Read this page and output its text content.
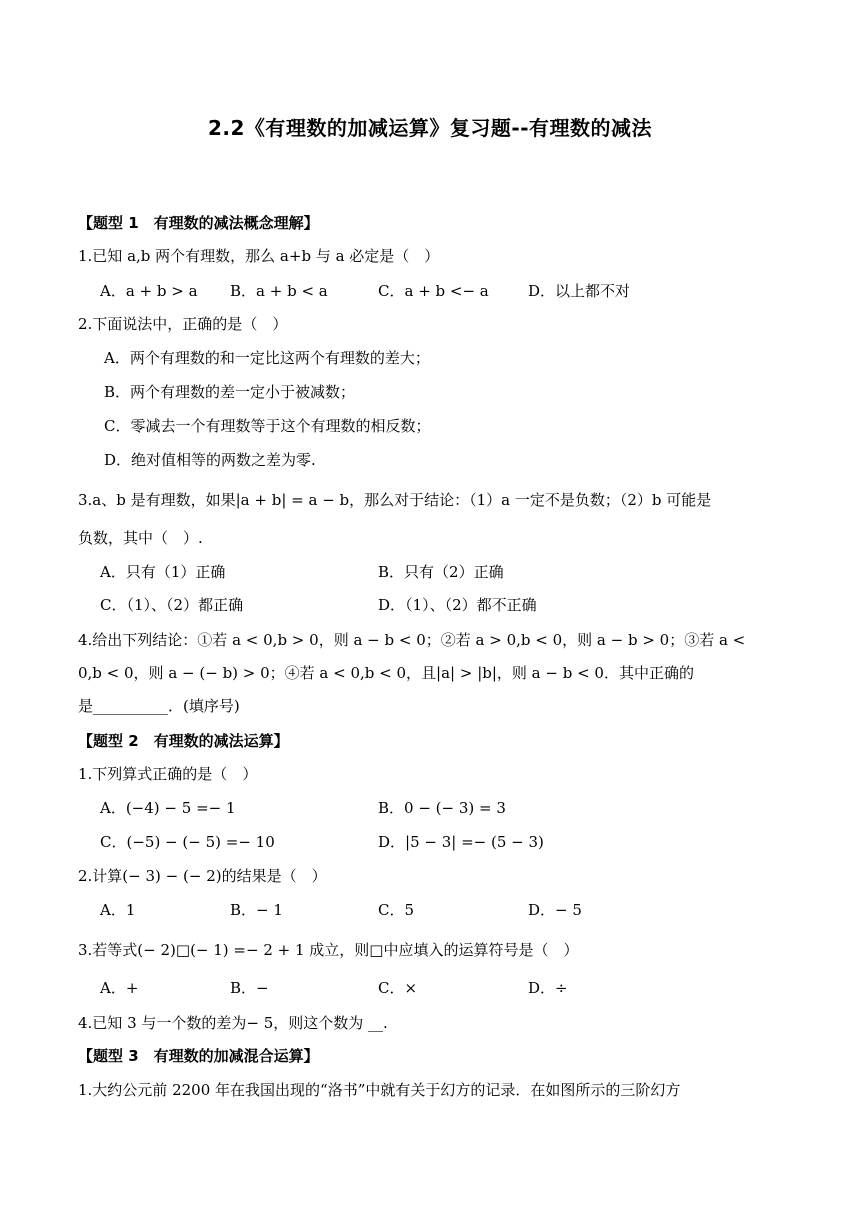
2.2《有理数的加减运算》复习题--有理数的减法
【题型 1　有理数的减法概念理解】
1.已知 a,b 两个有理数，那么 a+b 与 a 必定是（　）
A．a + b > a B．a + b < a	C．a + b <− a	D．以上都不对
2.下面说法中，正确的是（　）
A．两个有理数的和一定比这两个有理数的差大；
B．两个有理数的差一定小于被减数；
C．零减去一个有理数等于这个有理数的相反数；
D．绝对值相等的两数之差为零.
3.a、b 是有理数，如果|a + b| = a − b，那么对于结论：（1）a 一定不是负数；（2）b 可能是
负数，其中（　）.
A．只有（1）正确	B．只有（2）正确
C．（1）、（2）都正确	D．（1）、（2）都不正确
4.给出下列结论：①若 a < 0,b > 0，则 a − b < 0；②若 a > 0,b < 0，则 a − b > 0；③若 a <
0,b < 0，则 a − (− b) > 0；④若 a < 0,b < 0，且|a| > |b|，则 a − b < 0．其中正确的
是__________．(填序号)
【题型 2　有理数的减法运算】
1.下列算式正确的是（　）
A．(−4) − 5 =− 1	B．0 − (− 3) = 3
C．(−5) − (− 5) =− 10	D．|5 − 3| =− (5 − 3)
2.计算(− 3) − (− 2)的结果是（　）
A．1	B．− 1	C．5	D．− 5
3.若等式(− 2)□(− 1) =− 2 + 1 成立，则□中应填入的运算符号是（　）
A．+	B．−	C．×	D．÷
4.已知 3 与一个数的差为− 5，则这个数为 __.
【题型 3　有理数的加减混合运算】
1.大约公元前 2200 年在我国出现的“洛书”中就有关于幻方的记录．在如图所示的三阶幻方
